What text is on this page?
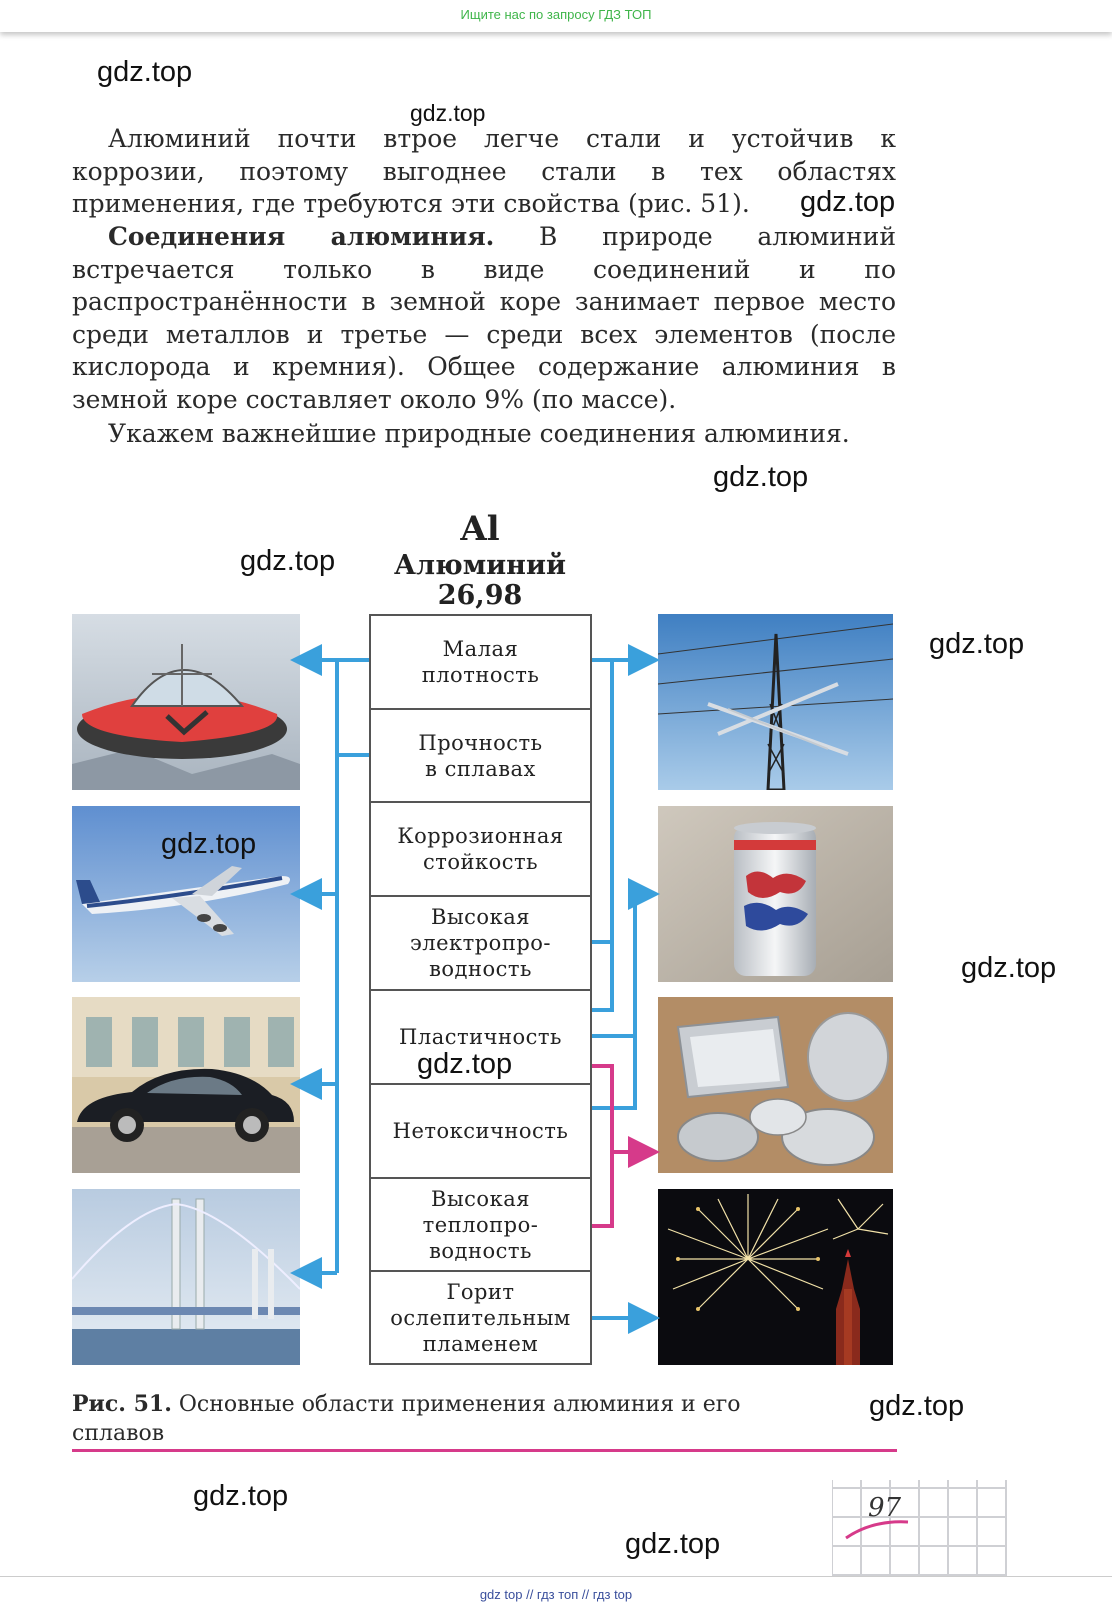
Ищите нас по запросу ГДЗ ТОП
gdz.top
gdz.top
gdz.top
gdz.top
gdz.top
gdz.top
gdz.top
gdz.top
gdz.top
gdz.top
gdz.top
gdz.top

Алюминий почти втрое легче стали и устойчив к коррозии, поэтому выгоднее стали в тех областях применения, где требуются эти свойства (рис. 51).

Соединения алюминия. В природе алюминий встречается только в виде соединений и по распространённости в земной коре занимает первое место среди металлов и третье — среди всех элементов (после кислорода и кремния). Общее содержание алюминия в земной коре составляет около 9% (по массе).

Укажем важнейшие природные соединения алюминия.

Al
Алюминий
26,98
Малая
плотность
Прочность
в сплавах
Коррозионная
стойкость
Высокая
электропро-
водность
Пластичность
Нетоксичность
Высокая
теплопро-
водность
Горит
ослепительным
пламенем
Рис. 51. Основные области применения алюминия и его сплавов
97
gdz top // гдз топ // гдз top
